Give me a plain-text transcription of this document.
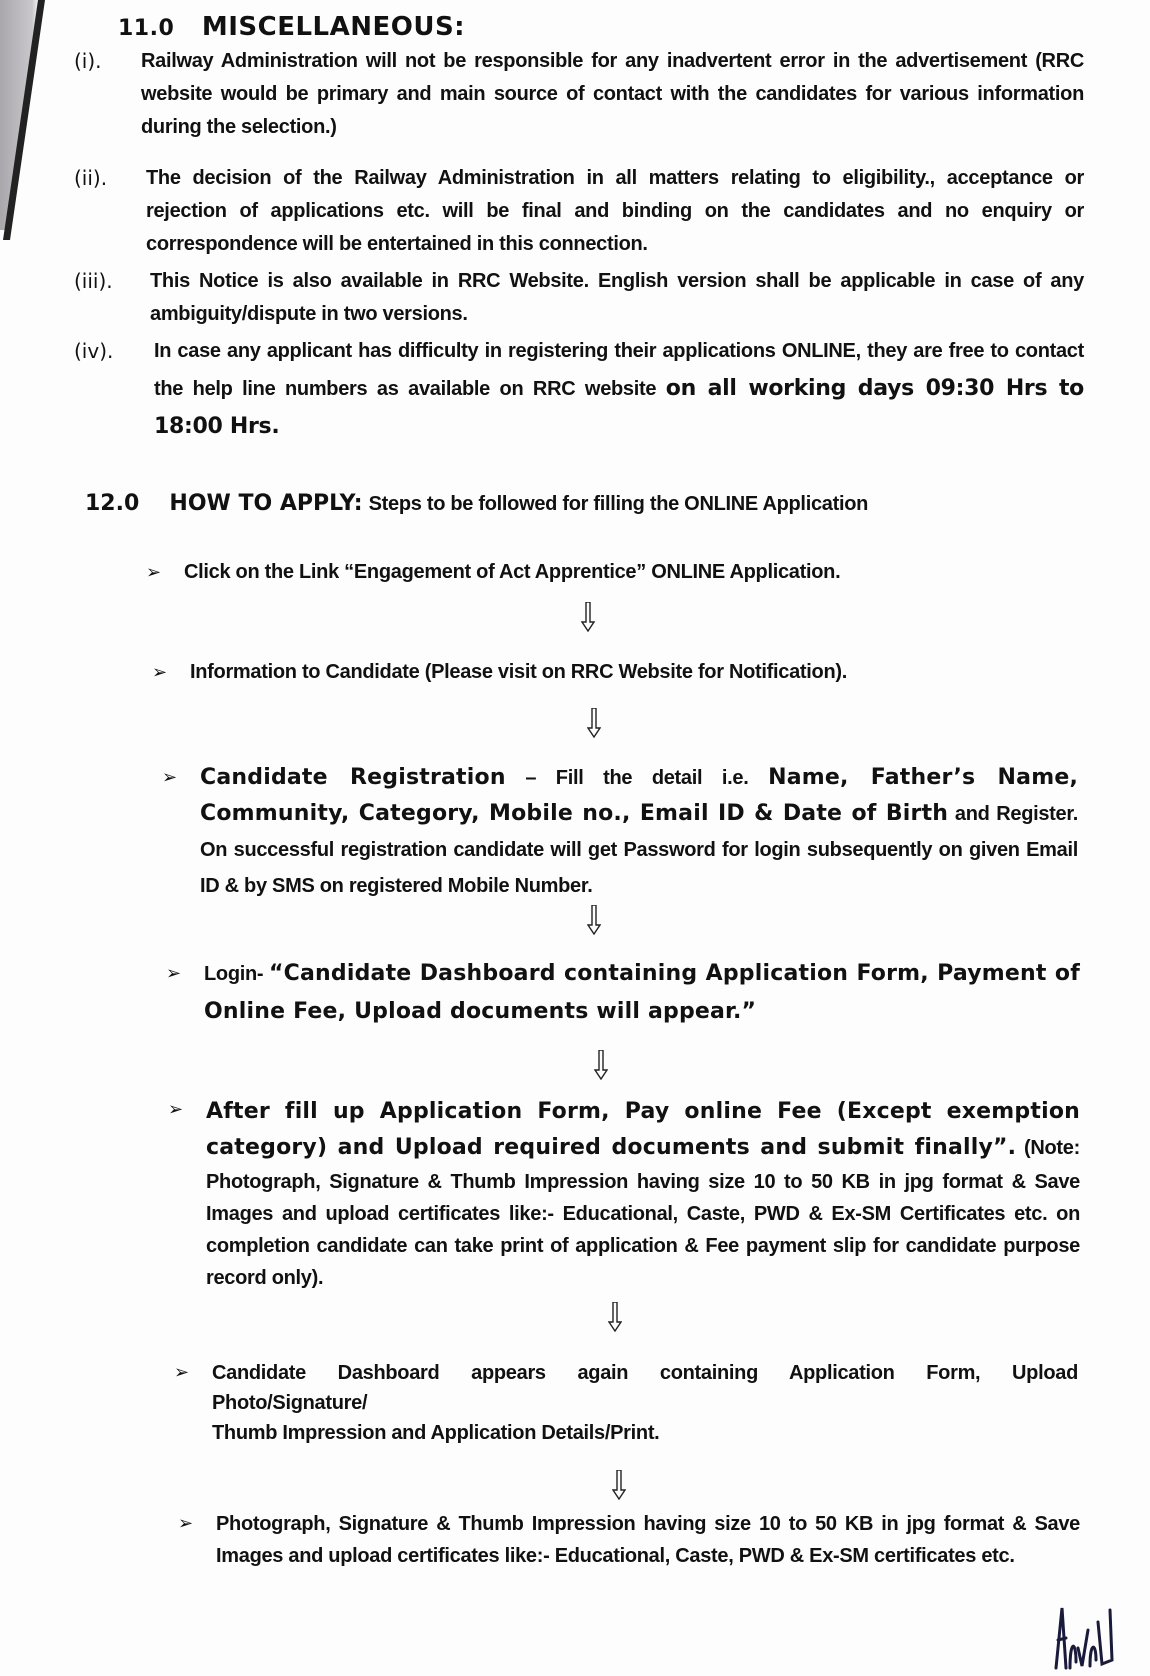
11.0 MISCELLANEOUS:
(i). Railway Administration will not be responsible for any inadvertent error in the advertisement (RRC website would be primary and main source of contact with the candidates for various information during the selection.)
(ii). The decision of the Railway Administration in all matters relating to eligibility., acceptance or rejection of applications etc. will be final and binding on the candidates and no enquiry or correspondence will be entertained in this connection.
(iii). This Notice is also available in RRC Website. English version shall be applicable in case of any ambiguity/dispute in two versions.
(iv). In case any applicant has difficulty in registering their applications ONLINE, they are free to contact the help line numbers as available on RRC website on all working days 09:30 Hrs to 18:00 Hrs.
12.0 HOW TO APPLY: Steps to be followed for filling the ONLINE Application
➢ Click on the Link “Engagement of Act Apprentice” ONLINE Application.
➢ Information to Candidate (Please visit on RRC Website for Notification).
➢ Candidate Registration – Fill the detail i.e. Name, Father’s Name, Community, Category, Mobile no., Email ID & Date of Birth and Register. On successful registration candidate will get Password for login subsequently on given Email ID & by SMS on registered Mobile Number.
➢ Login- “Candidate Dashboard containing Application Form, Payment of Online Fee, Upload documents will appear.”
➢ After fill up Application Form, Pay online Fee (Except exemption category) and Upload required documents and submit finally”. (Note: Photograph, Signature & Thumb Impression having size 10 to 50 KB in jpg format & Save Images and upload certificates like:- Educational, Caste, PWD & Ex-SM Certificates etc. on completion candidate can take print of application & Fee payment slip for candidate purpose record only).
➢ Candidate Dashboard appears again containing Application Form, Upload
Photo/Signature/
Thumb Impression and Application Details/Print.
➢ Photograph, Signature & Thumb Impression having size 10 to 50 KB in jpg format & Save Images and upload certificates like:- Educational, Caste, PWD & Ex-SM certificates etc.
